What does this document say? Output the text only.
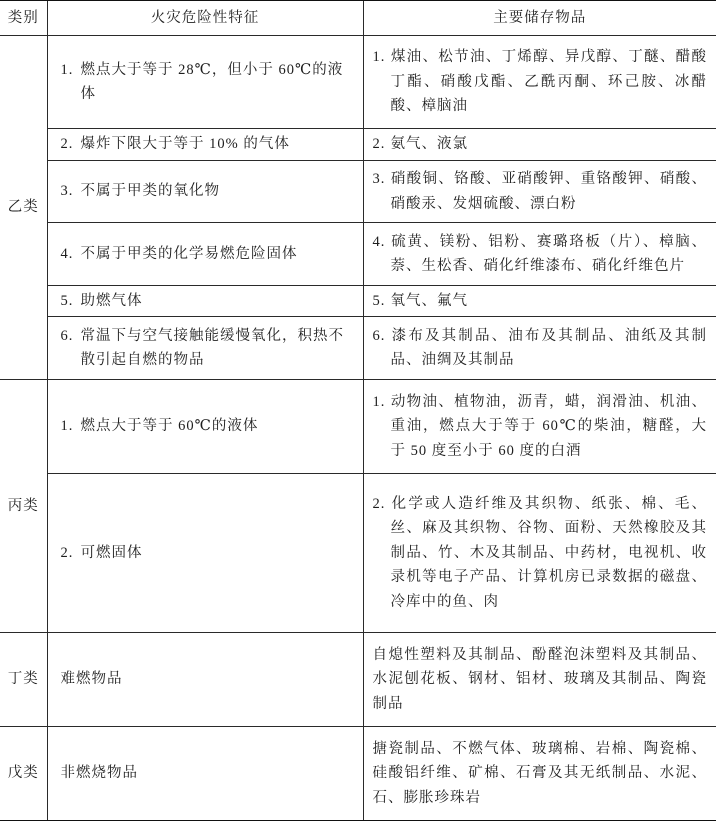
类别	火灾危险性特征	主要储存物品
乙类	1. 燃点大于等于 28℃，但小于 60℃的液体	1. 煤油、松节油、丁烯醇、异戊醇、丁醚、醋酸丁酯、硝酸戊酯、乙酰丙酮、环己胺、冰醋酸、樟脑油

	2. 爆炸下限大于等于 10% 的气体	2. 氨气、液氯

	3. 不属于甲类的氧化物	3. 硝酸铜、铬酸、亚硝酸钾、重铬酸钾、硝酸、硝酸汞、发烟硫酸、漂白粉

	4. 不属于甲类的化学易燃危险固体	4. 硫黄、镁粉、铝粉、赛璐珞板（片）、樟脑、萘、生松香、硝化纤维漆布、硝化纤维色片

	5. 助燃气体	5. 氧气、氟气

	6. 常温下与空气接触能缓慢氧化，积热不散引起自燃的物品	6. 漆布及其制品、油布及其制品、油纸及其制品、油绸及其制品

丙类	1. 燃点大于等于 60℃的液体	1. 动物油、植物油，沥青，蜡，润滑油、机油、重油，燃点大于等于 60℃的柴油，糖醛，大于 50 度至小于 60 度的白酒

	2. 可燃固体	2. 化学或人造纤维及其织物、纸张、棉、毛、丝、麻及其织物、谷物、面粉、天然橡胶及其制品、竹、木及其制品、中药材，电视机、收录机等电子产品、计算机房已录数据的磁盘、冷库中的鱼、肉

丁类	难燃物品	自熄性塑料及其制品、酚醛泡沫塑料及其制品、水泥刨花板、钢材、铝材、玻璃及其制品、陶瓷制品

戊类	非燃烧物品	搪瓷制品、不燃气体、玻璃棉、岩棉、陶瓷棉、硅酸铝纤维、矿棉、石膏及其无纸制品、水泥、石、膨胀珍珠岩
